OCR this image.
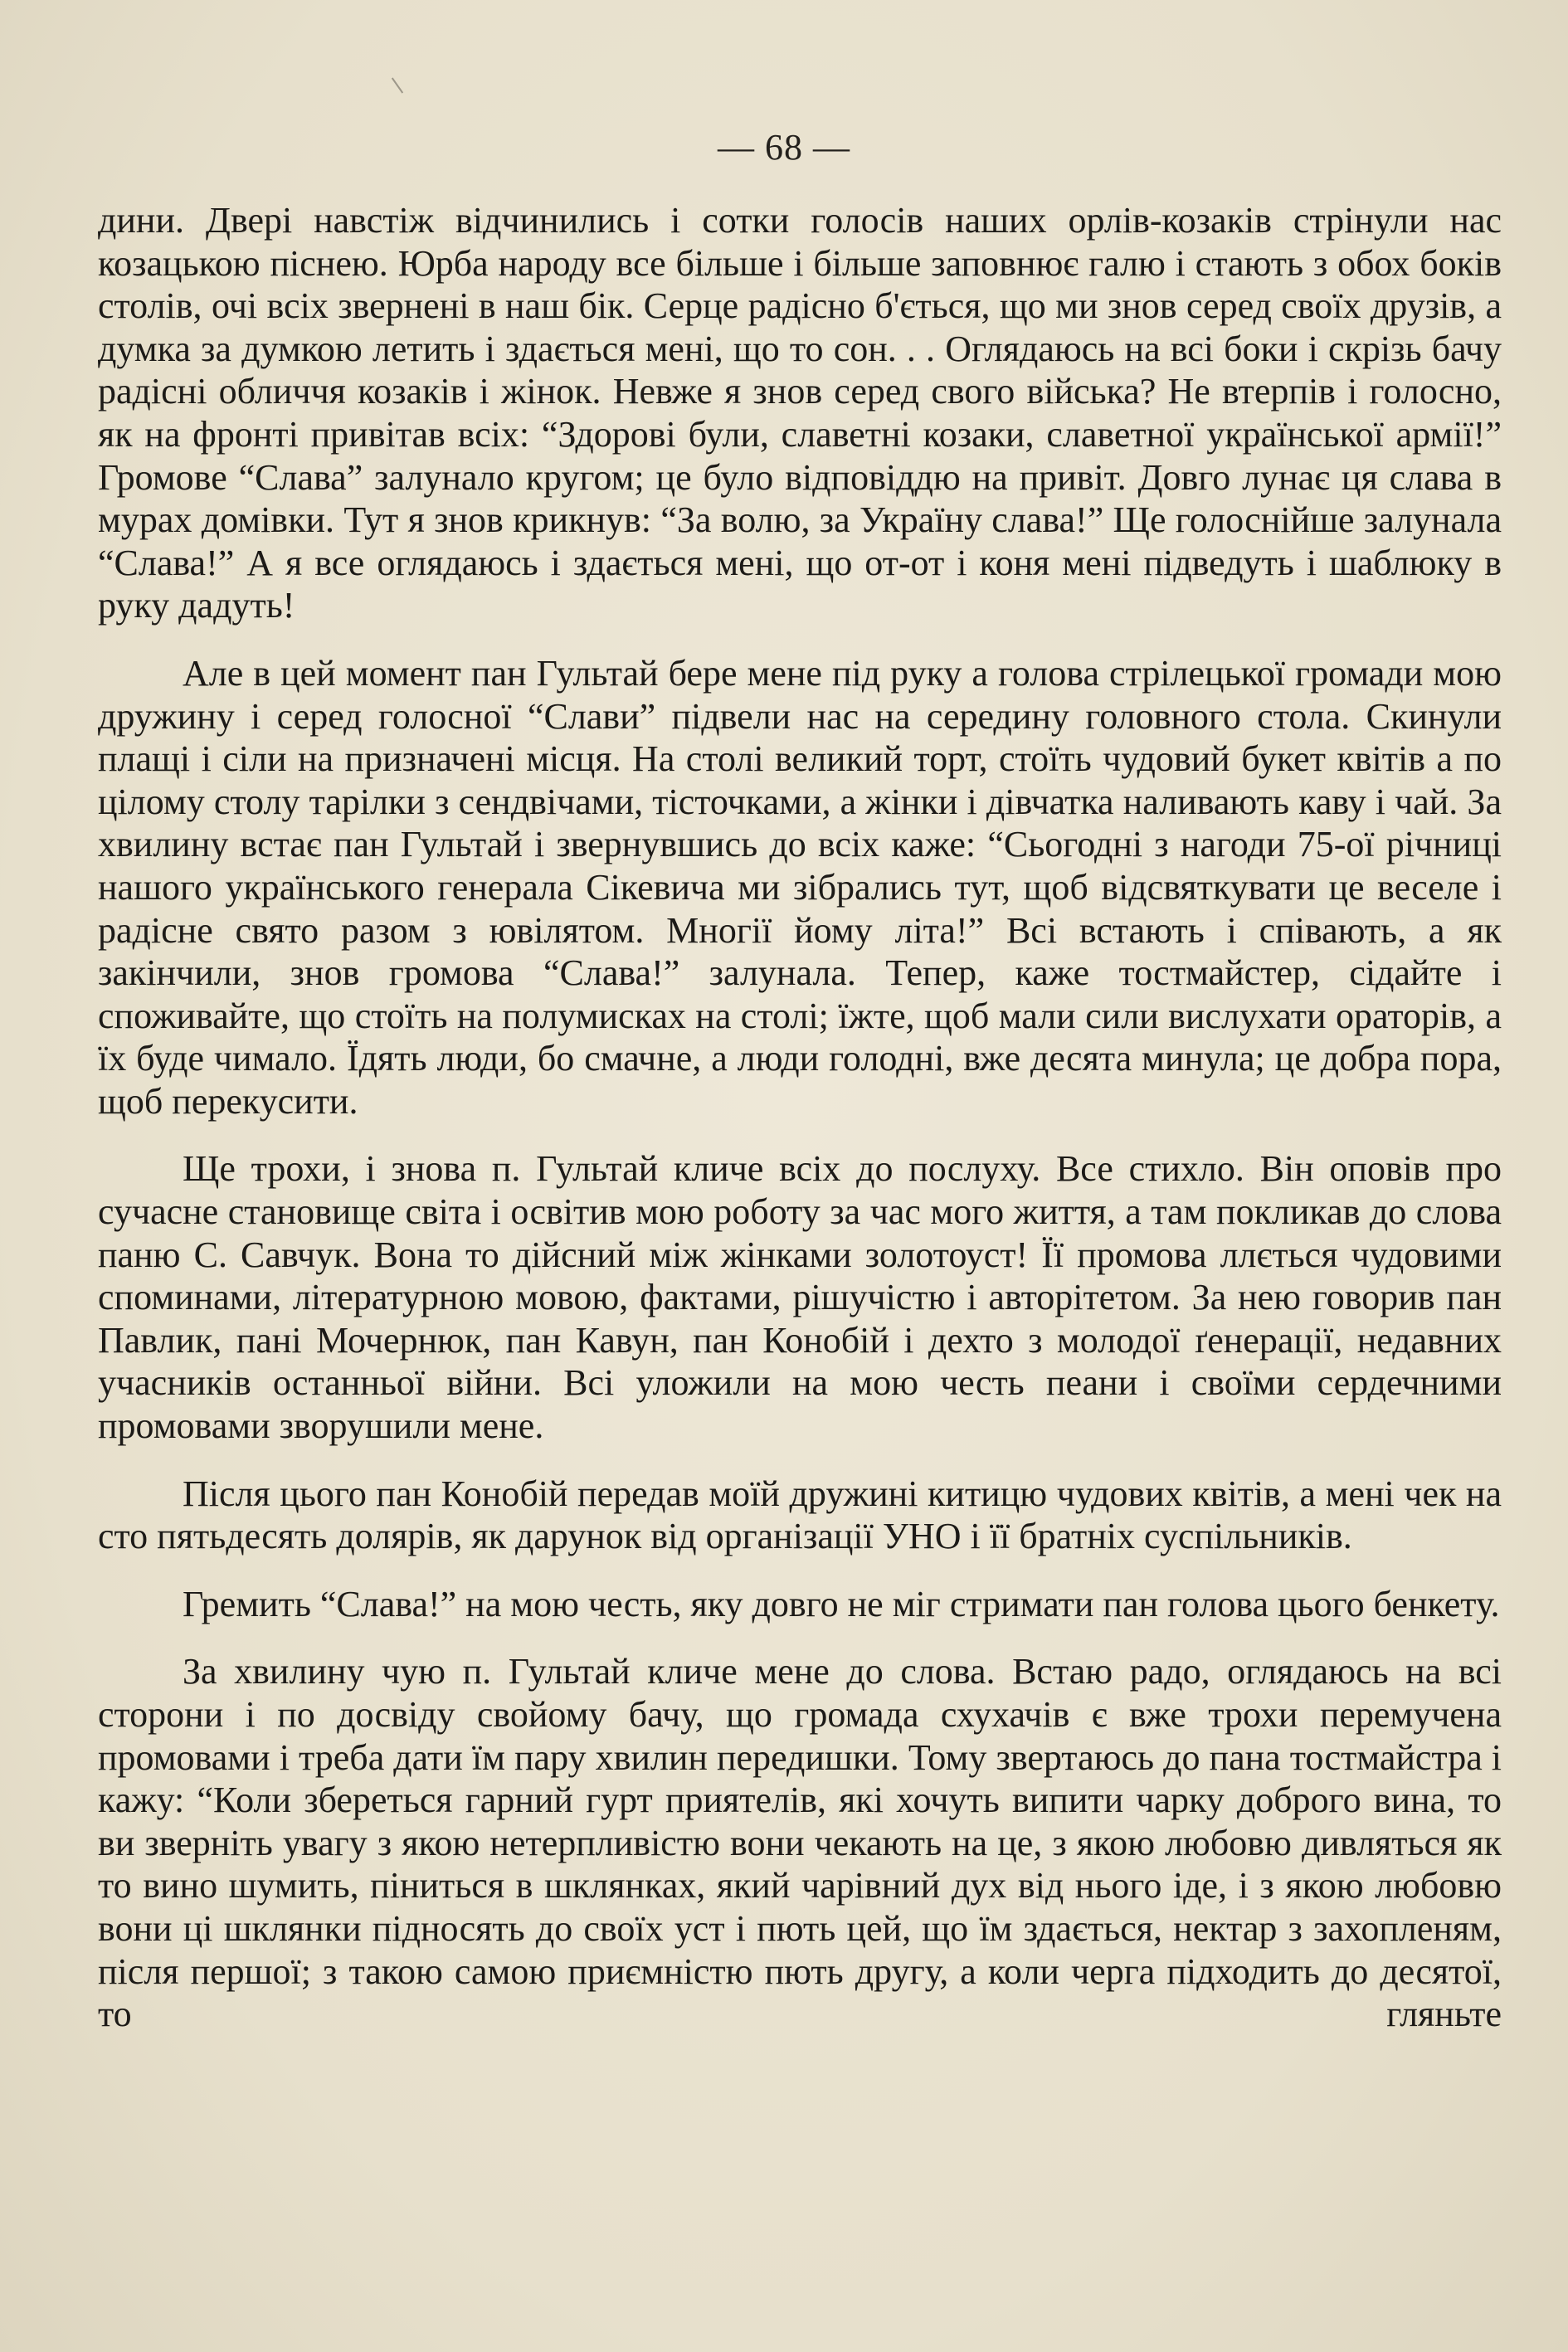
— 68 —

дини. Двері навстіж відчинились і сотки голосів наших орлів-козаків стрінули нас козацькою піснею. Юрба народу все більше і більше заповнює галю і стають з обох боків столів, очі всіх звернені в наш бік. Серце радісно б'ється, що ми знов серед своїх друзів, а думка за думкою летить і здається мені, що то сон. . . Оглядаюсь на всі боки і скрізь бачу радісні обличчя козаків і жінок. Невже я знов серед свого війська? Не втерпів і голосно, як на фронті привітав всіх: “Здорові були, славетні козаки, славетної української армії!” Громове “Слава” залунало кругом; це було відповіддю на привіт. Довго лунає ця слава в мурах домівки. Тут я знов крикнув: “За волю, за Україну слава!” Ще голоснійше залунала “Слава!” А я все оглядаюсь і здається мені, що от-от і коня мені підведуть і шаблюку в руку дадуть!

Але в цей момент пан Гультай бере мене під руку а голова стрілецької громади мою дружину і серед голосної “Слави” підвели нас на середину головного стола. Скинули плащі і сіли на призначені місця. На столі великий торт, стоїть чудовий букет квітів а по цілому столу тарілки з сендвічами, тісточками, а жінки і дівчатка наливають каву і чай. За хвилину встає пан Гультай і звернувшись до всіх каже: “Сьогодні з нагоди 75-ої річниці нашого українського генерала Сікевича ми зібрались тут, щоб відсвяткувати це веселе і радісне свято разом з ювілятом. Многії йому літа!” Всі встають і співають, а як закінчили, знов громова “Слава!” залунала. Тепер, каже тостмайстер, сідайте і споживайте, що стоїть на полумисках на столі; їжте, щоб мали сили вислухати ораторів, а їх буде чимало. Їдять люди, бо смачне, а люди голодні, вже десята минула; це добра пора, щоб перекусити.

Ще трохи, і знова п. Гультай кличе всіх до послуху. Все стихло. Він оповів про сучасне становище світа і освітив мою роботу за час мого життя, а там покликав до слова паню С. Савчук. Вона то дійсний між жінками золотоуст! Її промова ллється чудовими споминами, літературною мовою, фактами, рішучістю і авторітетом. За нею говорив пан Павлик, пані Мочернюк, пан Кавун, пан Конобій і дехто з молодої ґенерації, недавних учасників останньої війни. Всі уложили на мою честь пеани і своїми сердечними промовами зворушили мене.

Після цього пан Конобій передав моїй дружині китицю чудових квітів, а мені чек на сто пятьдесять долярів, як дарунок від організації УНО і її братніх суспільників.

Гремить “Слава!” на мою честь, яку довго не міг стримати пан голова цього бенкету.

За хвилину чую п. Гультай кличе мене до слова. Встаю радо, оглядаюсь на всі сторони і по досвіду свойому бачу, що громада схухачів є вже трохи перемучена промовами і треба дати їм пару хвилин передишки. Тому звертаюсь до пана тостмайстра і кажу: “Коли збереться гарний гурт приятелів, які хочуть випити чарку доброго вина, то ви зверніть увагу з якою нетерпливістю вони чекають на це, з якою любовю дивляться як то вино шумить, піниться в шклянках, який чарівний дух від нього іде, і з якою любовю вони ці шклянки підносять до своїх уст і пють цей, що їм здається, нектар з захопленям, після першої; з такою самою приємністю пють другу, а коли черга підходить до десятої, то гляньте
